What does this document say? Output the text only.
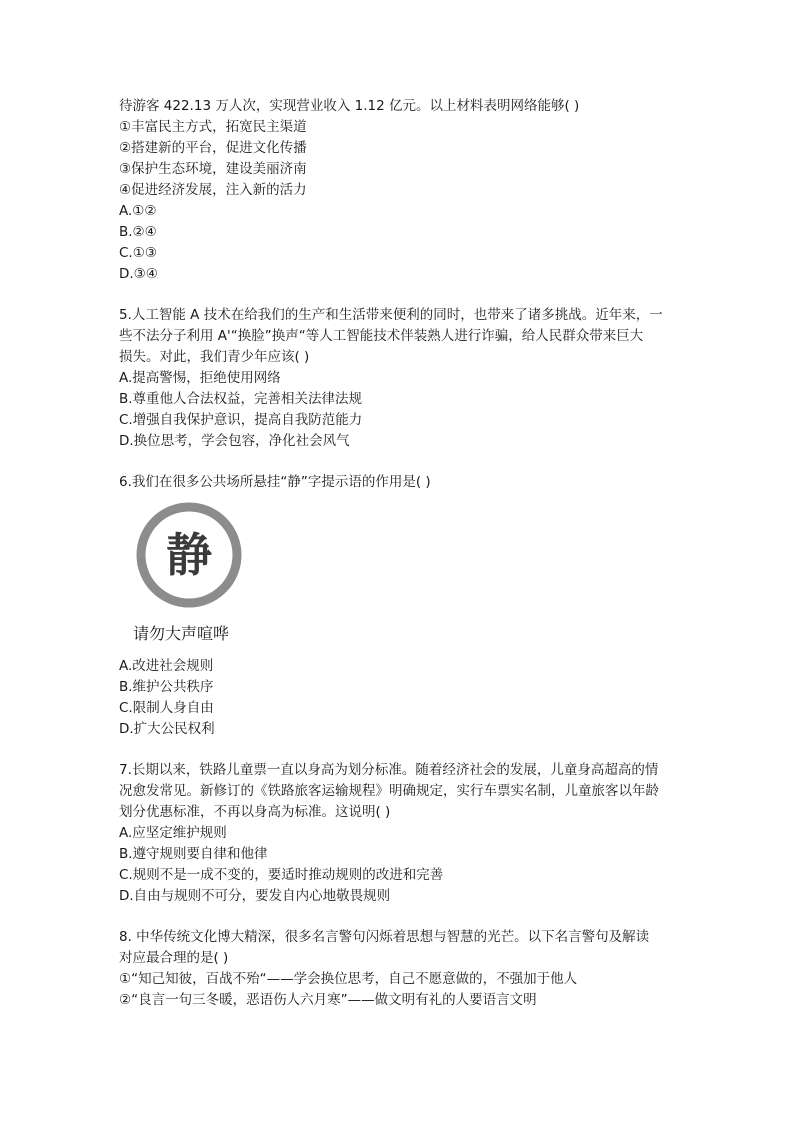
待游客 422.13 万人次，实现营业收入 1.12 亿元。以上材料表明网络能够( )
①丰富民主方式，拓宽民主渠道
②搭建新的平台，促进文化传播
③保护生态环境，建设美丽济南
④促进经济发展，注入新的活力
A.①②
B.②④
C.①③
D.③④
5.人工智能 A 技术在给我们的生产和生活带来便利的同时，也带来了诸多挑战。近年来，一
些不法分子利用 A'“换脸”换声“等人工智能技术伴装熟人进行诈骗，给人民群众带来巨大
损失。对此，我们青少年应该( )
A.提高警惕，拒绝使用网络
B.尊重他人合法权益，完善相关法律法规
C.增强自我保护意识，提高自我防范能力
D.换位思考，学会包容，净化社会风气
6.我们在很多公共场所悬挂“静”字提示语的作用是( )
静
请勿大声喧哗
A.改进社会规则
B.维护公共秩序
C.限制人身自由
D.扩大公民权利
7.长期以来，铁路儿童票一直以身高为划分标准。随着经济社会的发展，儿童身高超高的情
况愈发常见。新修订的《铁路旅客运输规程》明确规定，实行车票实名制，儿童旅客以年龄
划分优惠标准，不再以身高为标准。这说明( )
A.应坚定维护规则
B.遵守规则要自律和他律
C.规则不是一成不变的，要适时推动规则的改进和完善
D.自由与规则不可分，要发自内心地敬畏规则
8. 中华传统文化博大精深，很多名言警句闪烁着思想与智慧的光芒。以下名言警句及解读
对应最合理的是( )
①“知己知彼，百战不殆“——学会换位思考，自己不愿意做的，不强加于他人
②“良言一句三冬暖，恶语伤人六月寒”——做文明有礼的人要语言文明
